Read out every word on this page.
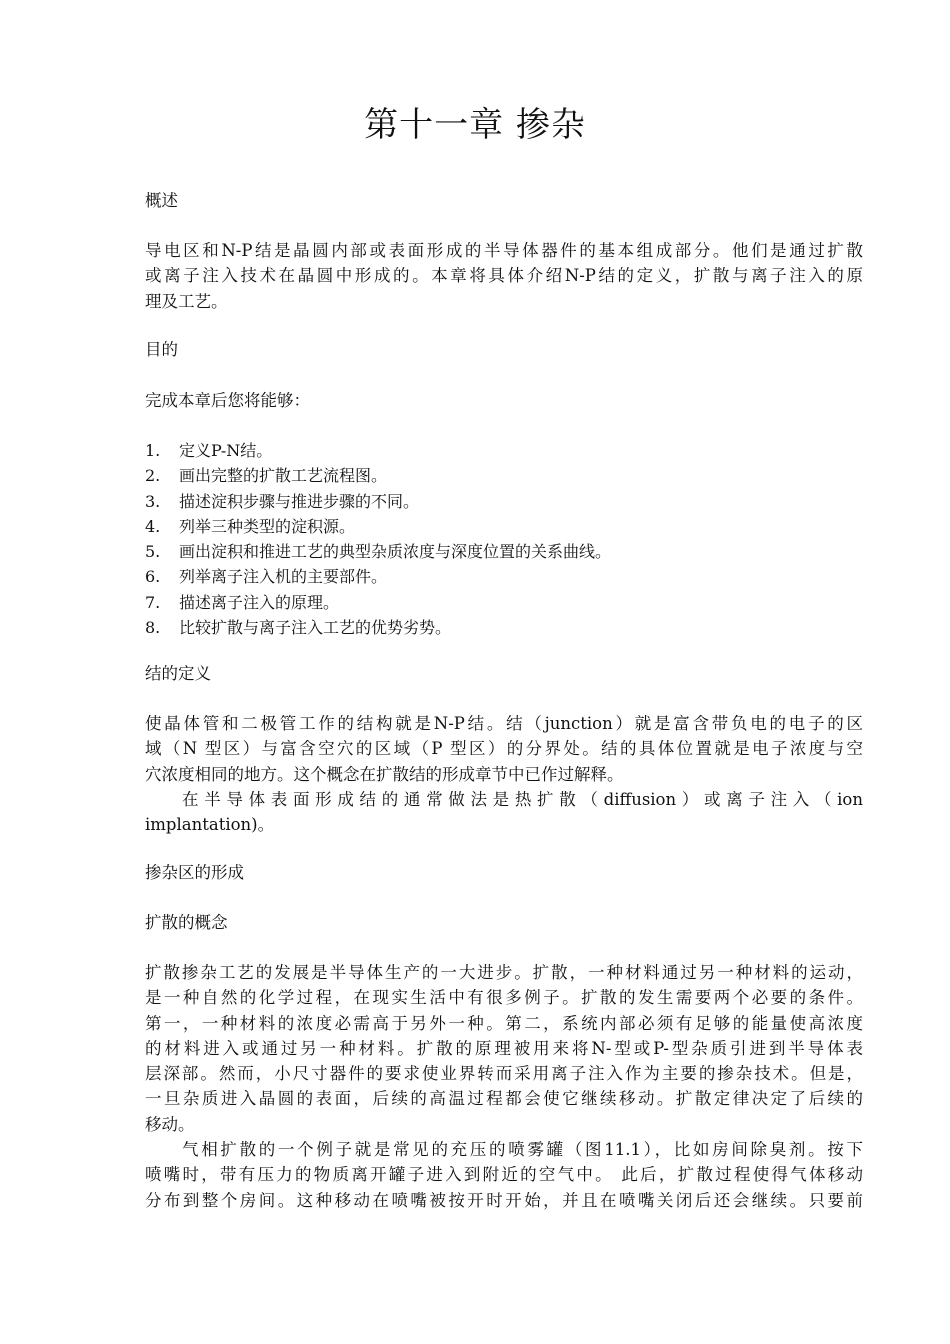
第十一章 掺杂
概述
导电区和N-P结是晶圆内部或表面形成的半导体器件的基本组成部分。他们是通过扩散
或离子注入技术在晶圆中形成的。本章将具体介绍N-P结的定义，扩散与离子注入的原
理及工艺。
目的
完成本章后您将能够：
1.	定义P-N结。
2.	画出完整的扩散工艺流程图。
3.	描述淀积步骤与推进步骤的不同。
4.	列举三种类型的淀积源。
5.	画出淀积和推进工艺的典型杂质浓度与深度位置的关系曲线。
6.	列举离子注入机的主要部件。
7.	描述离子注入的原理。
8.	比较扩散与离子注入工艺的优势劣势。
结的定义
使晶体管和二极管工作的结构就是N-P结。结（junction）就是富含带负电的电子的区
域（N 型区）与富含空穴的区域（P 型区）的分界处。结的具体位置就是电子浓度与空
穴浓度相同的地方。这个概念在扩散结的形成章节中已作过解释。
在半导体表面形成结的通常做法是热扩散（diffusion）或离子注入（ion
implantation)。
掺杂区的形成
扩散的概念
扩散掺杂工艺的发展是半导体生产的一大进步。扩散，一种材料通过另一种材料的运动，
是一种自然的化学过程，在现实生活中有很多例子。扩散的发生需要两个必要的条件。
第一，一种材料的浓度必需高于另外一种。第二，系统内部必须有足够的能量使高浓度
的材料进入或通过另一种材料。扩散的原理被用来将N-型或P-型杂质引进到半导体表
层深部。然而，小尺寸器件的要求使业界转而采用离子注入作为主要的掺杂技术。但是，
一旦杂质进入晶圆的表面，后续的高温过程都会使它继续移动。扩散定律决定了后续的
移动。
气相扩散的一个例子就是常见的充压的喷雾罐（图11.1），比如房间除臭剂。按下
喷嘴时，带有压力的物质离开罐子进入到附近的空气中。 此后，扩散过程使得气体移动
分布到整个房间。这种移动在喷嘴被按开时开始，并且在喷嘴关闭后还会继续。只要前
